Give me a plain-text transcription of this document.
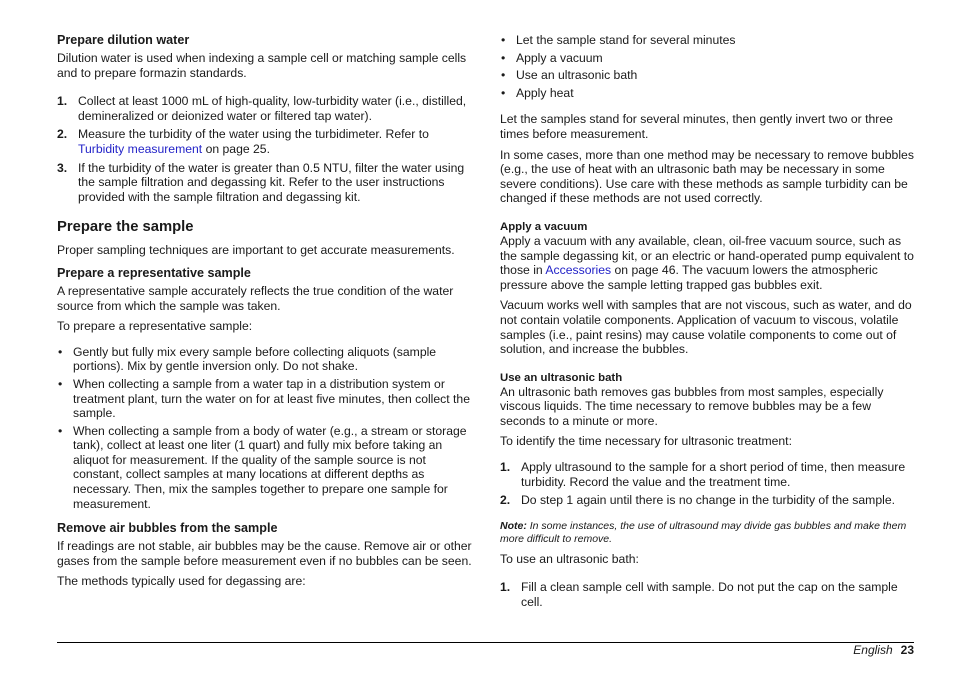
Prepare dilution water

Dilution water is used when indexing a sample cell or matching sample cells and to prepare formazin standards.

1. Collect at least 1000 mL of high-quality, low-turbidity water (i.e., distilled, demineralized or deionized water or filtered tap water).
2. Measure the turbidity of the water using the turbidimeter. Refer to Turbidity measurement on page 25.
3. If the turbidity of the water is greater than 0.5 NTU, filter the water using the sample filtration and degassing kit. Refer to the user instructions provided with the sample filtration and degassing kit.
Prepare the sample

Proper sampling techniques are important to get accurate measurements.

Prepare a representative sample

A representative sample accurately reflects the true condition of the water source from which the sample was taken.

To prepare a representative sample:

• Gently but fully mix every sample before collecting aliquots (sample portions). Mix by gentle inversion only. Do not shake.
• When collecting a sample from a water tap in a distribution system or treatment plant, turn the water on for at least five minutes, then collect the sample.
• When collecting a sample from a body of water (e.g., a stream or storage tank), collect at least one liter (1 quart) and fully mix before taking an aliquot for measurement. If the quality of the sample source is not constant, collect samples at many locations at different depths as necessary. Then, mix the samples together to prepare one sample for measurement.
Remove air bubbles from the sample

If readings are not stable, air bubbles may be the cause. Remove air or other gases from the sample before measurement even if no bubbles can be seen.

The methods typically used for degassing are:

• Let the sample stand for several minutes
• Apply a vacuum
• Use an ultrasonic bath
• Apply heat

Let the samples stand for several minutes, then gently invert two or three times before measurement.

In some cases, more than one method may be necessary to remove bubbles (e.g., the use of heat with an ultrasonic bath may be necessary in some severe conditions). Use care with these methods as sample turbidity can be changed if these methods are not used correctly.

Apply a vacuum

Apply a vacuum with any available, clean, oil-free vacuum source, such as the sample degassing kit, or an electric or hand-operated pump equivalent to those in Accessories on page 46. The vacuum lowers the atmospheric pressure above the sample letting trapped gas bubbles exit.

Vacuum works well with samples that are not viscous, such as water, and do not contain volatile components. Application of vacuum to viscous, volatile samples (i.e., paint resins) may cause volatile components to come out of solution, and increase the bubbles.

Use an ultrasonic bath

An ultrasonic bath removes gas bubbles from most samples, especially viscous liquids. The time necessary to remove bubbles may be a few seconds to a minute or more.

To identify the time necessary for ultrasonic treatment:

1. Apply ultrasound to the sample for a short period of time, then measure turbidity. Record the value and the treatment time.
2. Do step 1 again until there is no change in the turbidity of the sample.
Note: In some instances, the use of ultrasound may divide gas bubbles and make them more difficult to remove.

To use an ultrasonic bath:

1. Fill a clean sample cell with sample. Do not put the cap on the sample cell.
English 23
